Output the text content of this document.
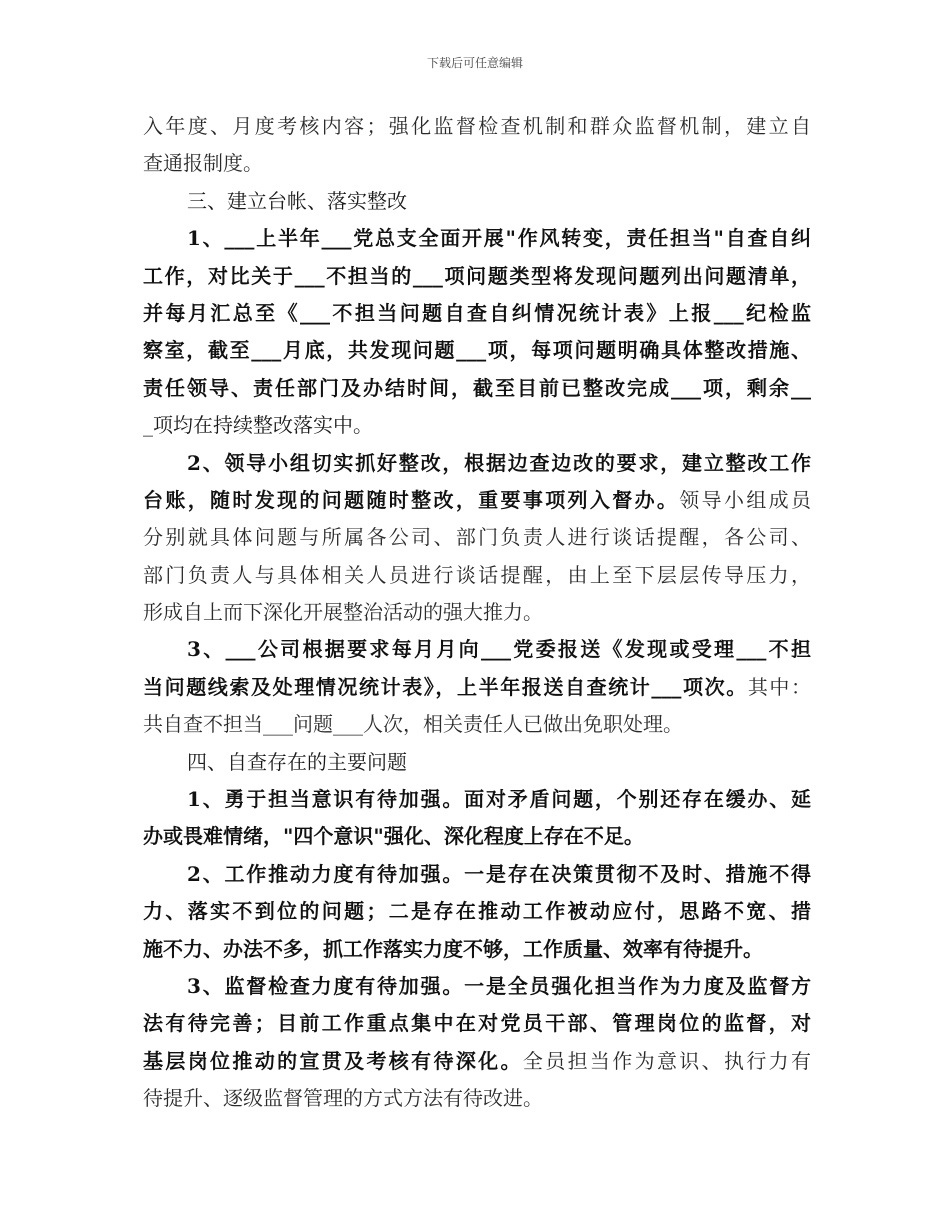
下载后可任意编辑
入年度、月度考核内容；强化监督检查机制和群众监督机制，建立自
查通报制度。
三、建立台帐、落实整改
1、___上半年___党总支全面开展"作风转变，责任担当"自查自纠
工作，对比关于___不担当的___项问题类型将发现问题列出问题清单，
并每月汇总至《___不担当问题自查自纠情况统计表》上报___纪检监
察室，截至___月底，共发现问题___项，每项问题明确具体整改措施、
责任领导、责任部门及办结时间，截至目前已整改完成___项，剩余__
_项均在持续整改落实中。
2、领导小组切实抓好整改，根据边查边改的要求，建立整改工作
台账，随时发现的问题随时整改，重要事项列入督办。领导小组成员
分别就具体问题与所属各公司、部门负责人进行谈话提醒，各公司、
部门负责人与具体相关人员进行谈话提醒，由上至下层层传导压力，
形成自上而下深化开展整治活动的强大推力。
3、___公司根据要求每月月向___党委报送《发现或受理___不担
当问题线索及处理情况统计表》，上半年报送自查统计___项次。其中：
共自查不担当___问题___人次，相关责任人已做出免职处理。
四、自查存在的主要问题
1、勇于担当意识有待加强。面对矛盾问题，个别还存在缓办、延
办或畏难情绪，"四个意识"强化、深化程度上存在不足。
2、工作推动力度有待加强。一是存在决策贯彻不及时、措施不得
力、落实不到位的问题；二是存在推动工作被动应付，思路不宽、措
施不力、办法不多，抓工作落实力度不够，工作质量、效率有待提升。
3、监督检查力度有待加强。一是全员强化担当作为力度及监督方
法有待完善；目前工作重点集中在对党员干部、管理岗位的监督，对
基层岗位推动的宣贯及考核有待深化。全员担当作为意识、执行力有
待提升、逐级监督管理的方式方法有待改进。
